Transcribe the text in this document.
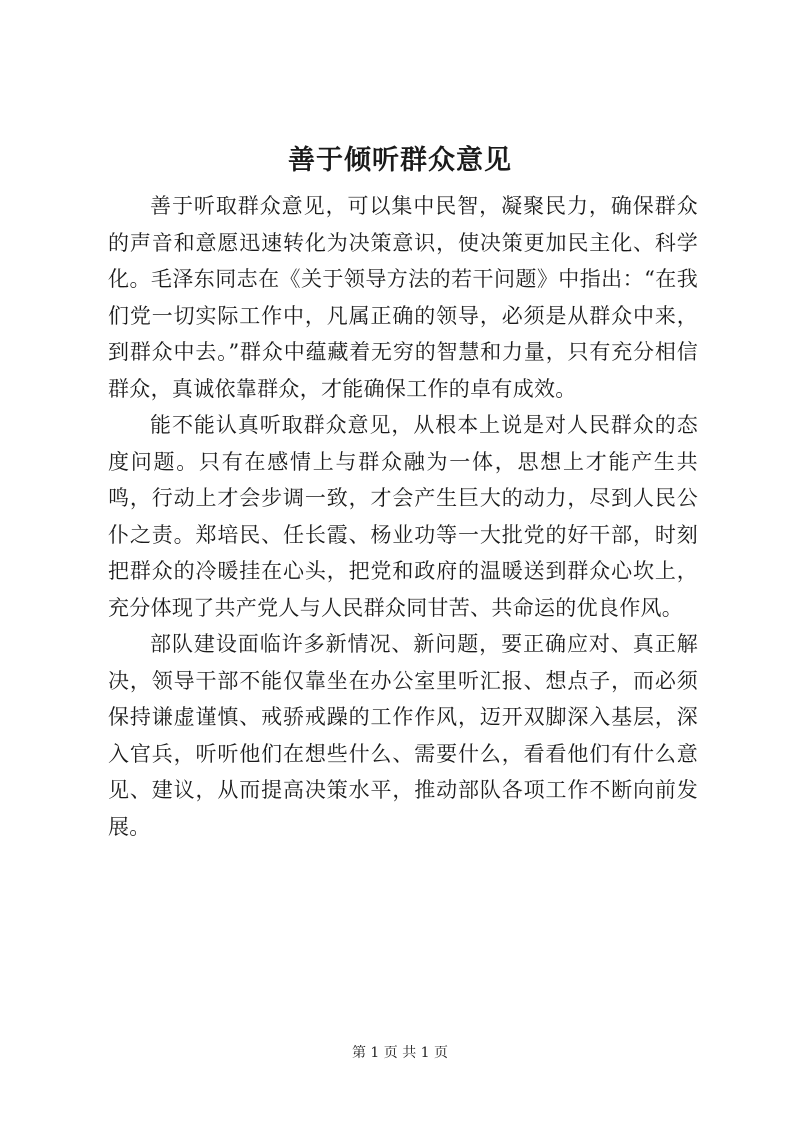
善于倾听群众意见

善于听取群众意见，可以集中民智，凝聚民力，确保群众的声音和意愿迅速转化为决策意识，使决策更加民主化、科学化。毛泽东同志在《关于领导方法的若干问题》中指出：“在我们党一切实际工作中，凡属正确的领导，必须是从群众中来，到群众中去。”群众中蕴藏着无穷的智慧和力量，只有充分相信群众，真诚依靠群众，才能确保工作的卓有成效。

能不能认真听取群众意见，从根本上说是对人民群众的态度问题。只有在感情上与群众融为一体，思想上才能产生共鸣，行动上才会步调一致，才会产生巨大的动力，尽到人民公仆之责。郑培民、任长霞、杨业功等一大批党的好干部，时刻把群众的冷暖挂在心头，把党和政府的温暖送到群众心坎上，充分体现了共产党人与人民群众同甘苦、共命运的优良作风。

部队建设面临许多新情况、新问题，要正确应对、真正解决，领导干部不能仅靠坐在办公室里听汇报、想点子，而必须保持谦虚谨慎、戒骄戒躁的工作作风，迈开双脚深入基层，深入官兵，听听他们在想些什么、需要什么，看看他们有什么意见、建议，从而提高决策水平，推动部队各项工作不断向前发展。

第 1 页 共 1 页
